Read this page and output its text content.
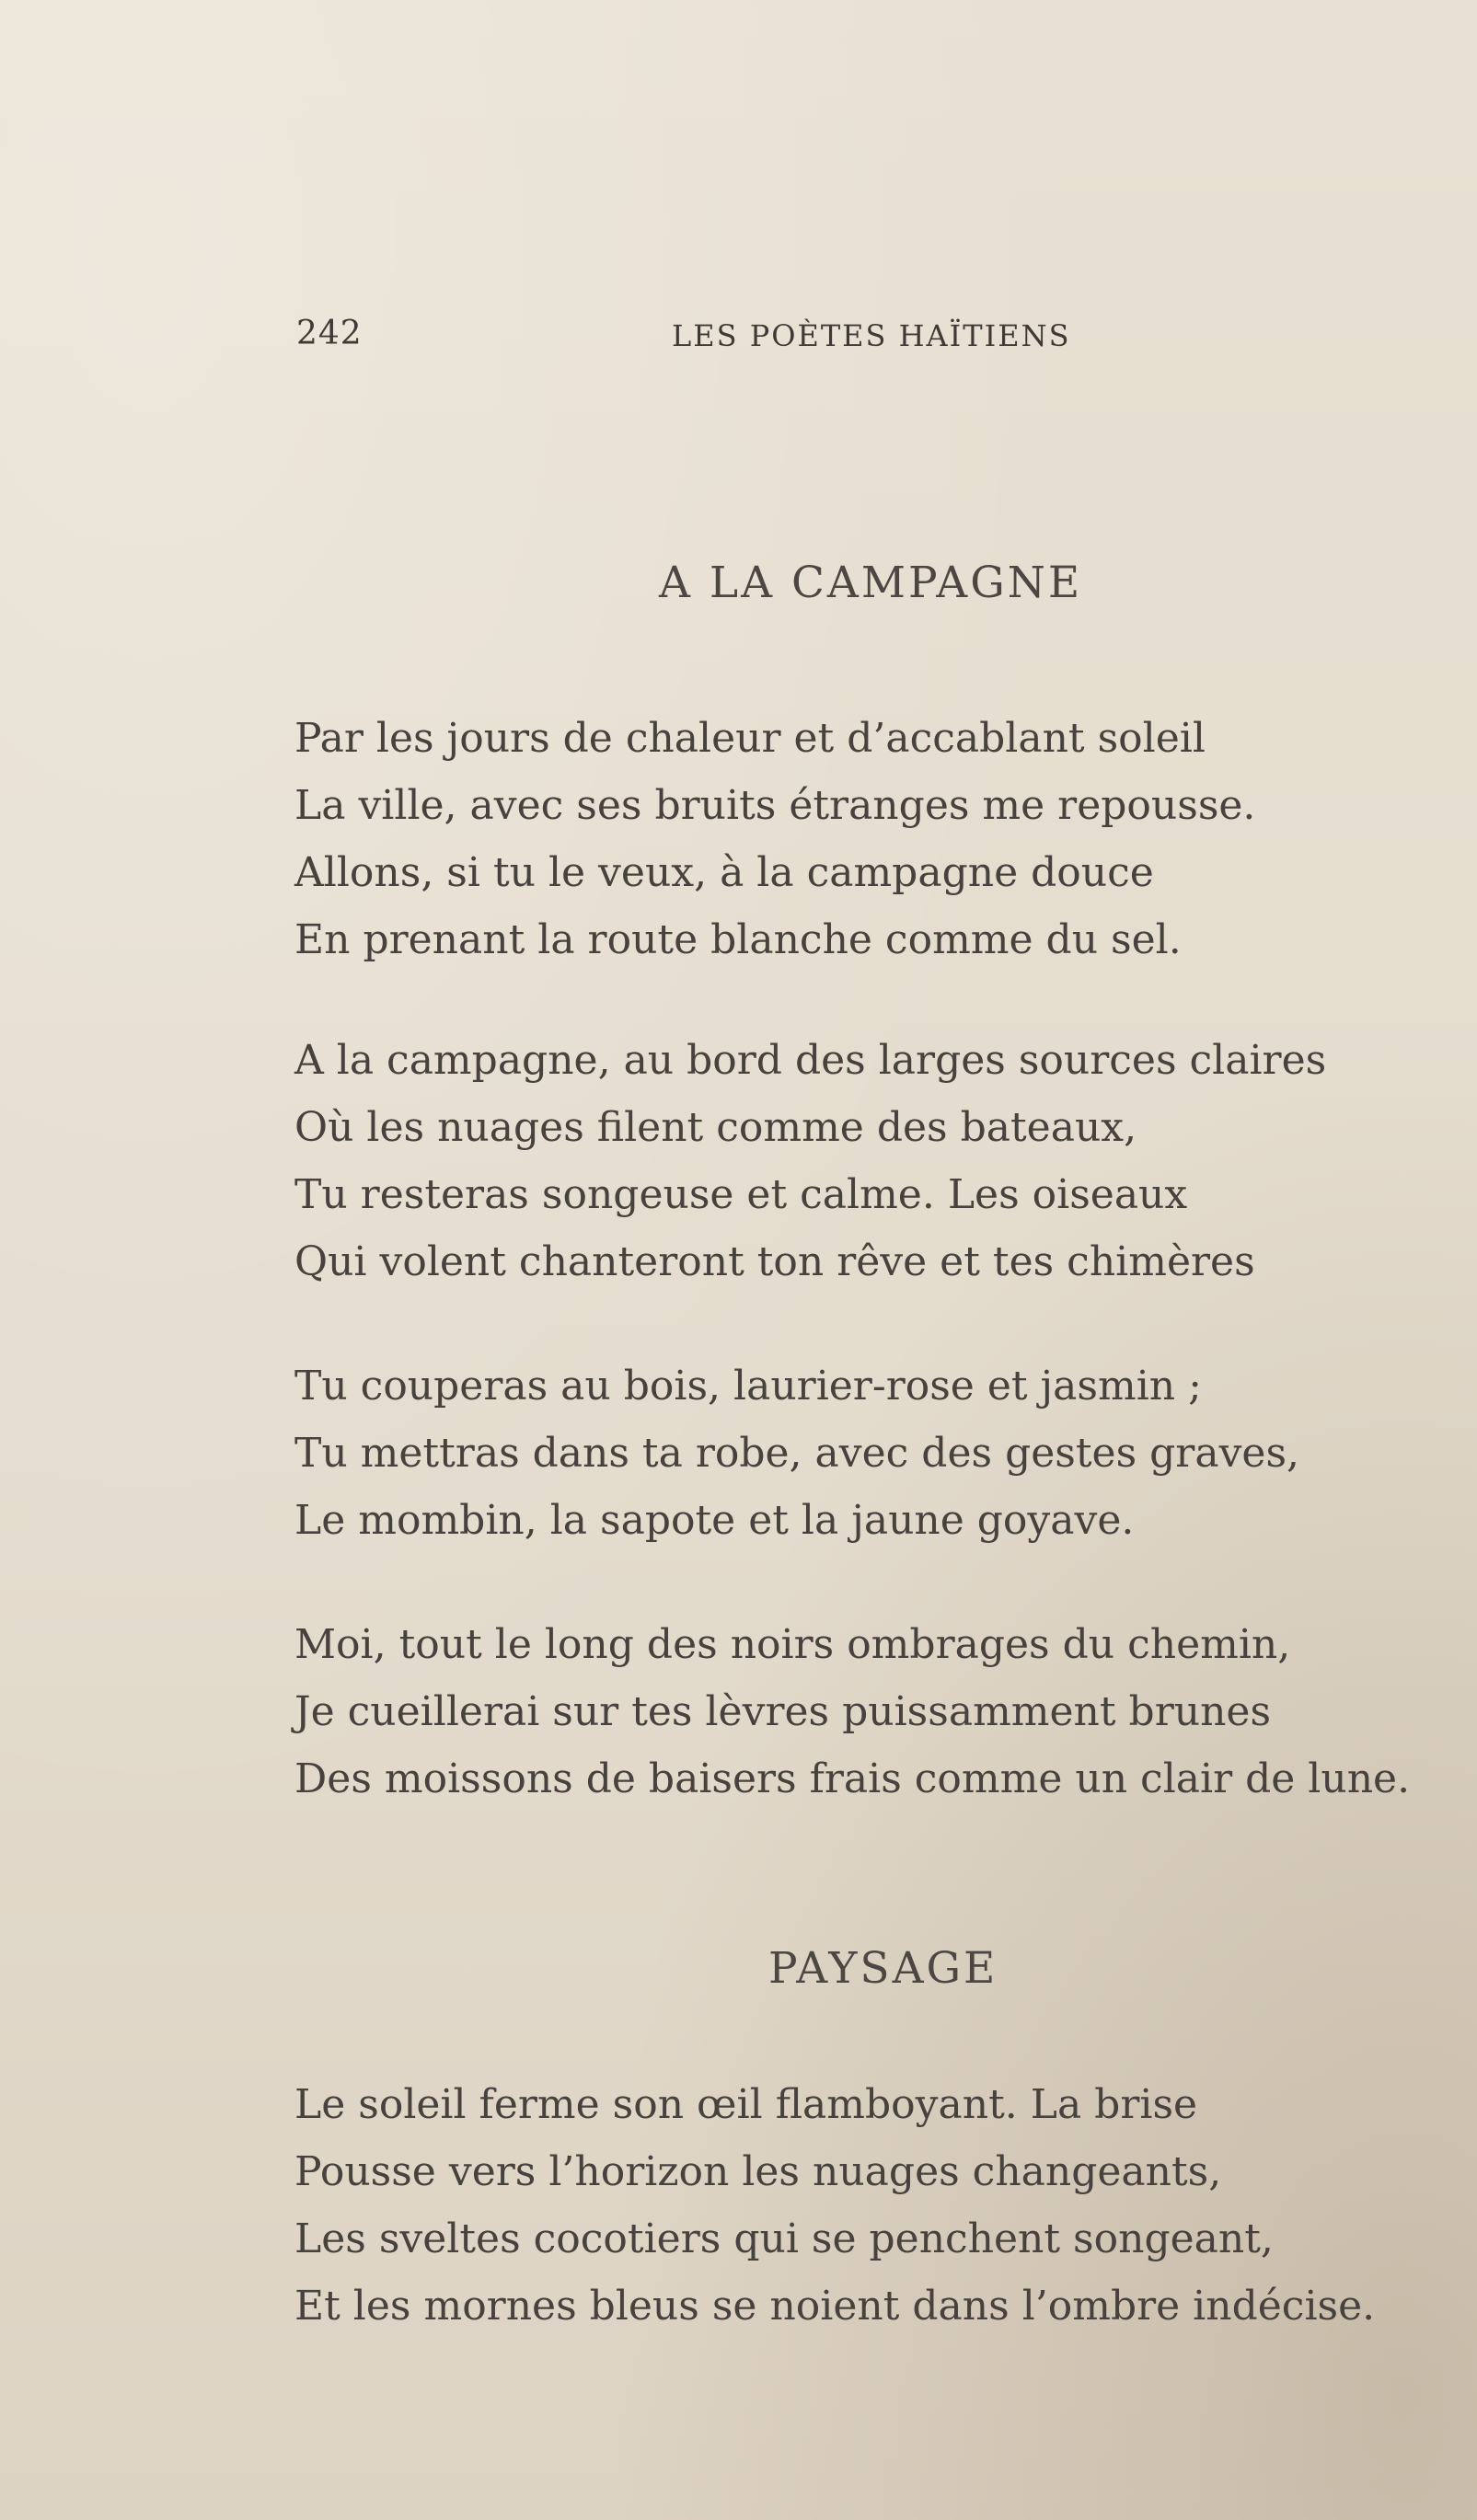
242	LES POÈTES HAÏTIENS
A LA CAMPAGNE
Par les jours de chaleur et d’accablant soleil
La ville, avec ses bruits étranges me repousse.
Allons, si tu le veux, à la campagne douce
En prenant la route blanche comme du sel.
A la campagne, au bord des larges sources claires
Où les nuages filent comme des bateaux,
Tu resteras songeuse et calme. Les oiseaux
Qui volent chanteront ton rêve et tes chimères
Tu couperas au bois, laurier-rose et jasmin ;
Tu mettras dans ta robe, avec des gestes graves,
Le mombin, la sapote et la jaune goyave.
Moi, tout le long des noirs ombrages du chemin,
Je cueillerai sur tes lèvres puissamment brunes
Des moissons de baisers frais comme un clair de lune.
PAYSAGE
Le soleil ferme son œil flamboyant. La brise
Pousse vers l’horizon les nuages changeants,
Les sveltes cocotiers qui se penchent songeant,
Et les mornes bleus se noient dans l’ombre indécise.
